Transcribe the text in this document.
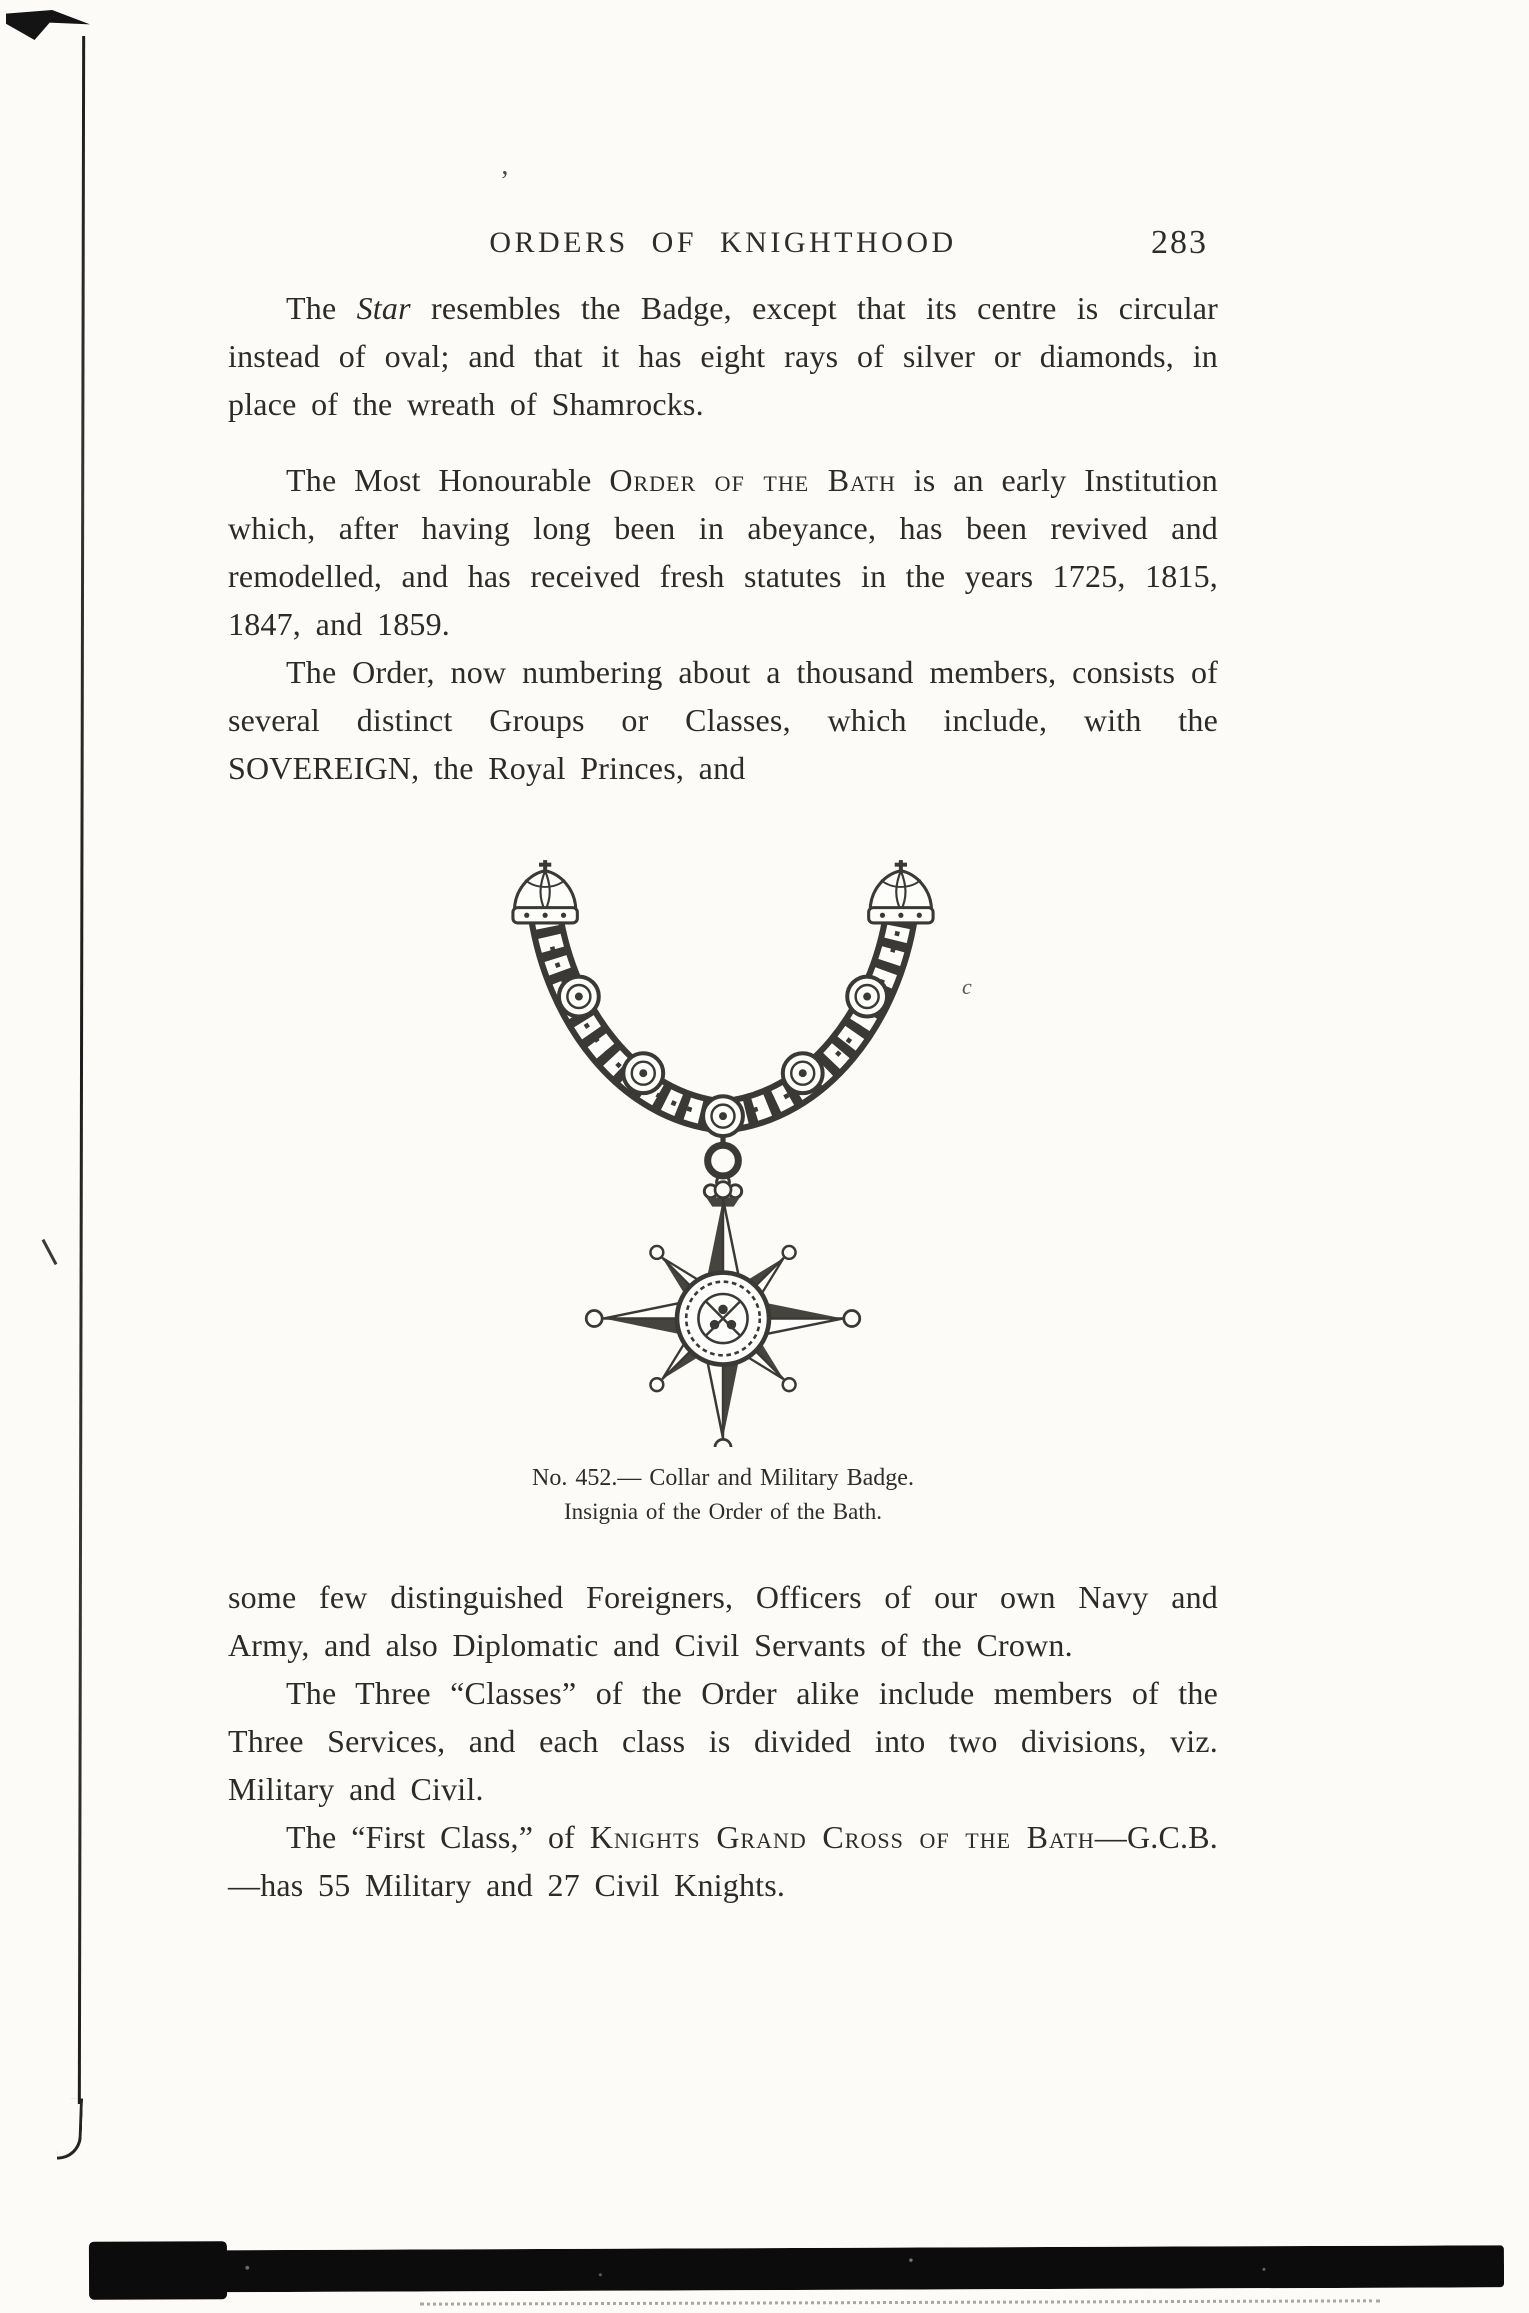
’
c
ORDERS OF KNIGHTHOOD	283

The Star resembles the Badge, except that its centre is circular instead of oval; and that it has eight rays of silver or diamonds, in place of the wreath of Shamrocks.

The Most Honourable Order of the Bath is an early Institution which, after having long been in abeyance, has been revived and remodelled, and has received fresh statutes in the years 1725, 1815, 1847, and 1859.

The Order, now numbering about a thousand members, consists of several distinct Groups or Classes, which include, with the SOVEREIGN, the Royal Princes, and

No. 452.— Collar and Military Badge.
Insignia of the Order of the Bath.

some few distinguished Foreigners, Officers of our own Navy and Army, and also Diplomatic and Civil Servants of the Crown.

The Three “Classes” of the Order alike include members of the Three Services, and each class is divided into two divisions, viz. Military and Civil.

The “First Class,” of Knights Grand Cross of the Bath—G.C.B.—has 55 Military and 27 Civil Knights.
